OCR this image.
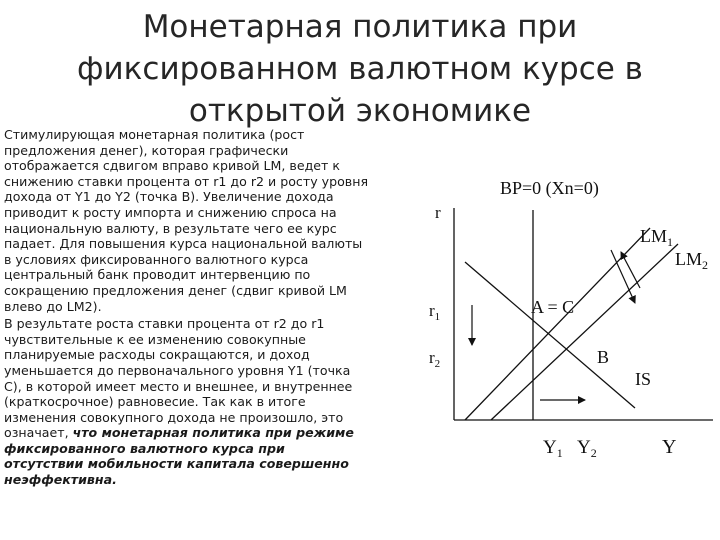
Монетарная политика при
фиксированном валютном курсе в
открытой экономике

Стимулирующая монетарная политика (рост
предложения денег), которая графически
отображается сдвигом вправо кривой LM, ведет к
снижению ставки процента от r1 до r2 и росту уровня
дохода от Y1 до Y2 (точка B). Увеличение дохода
приводит к росту импорта и снижению спроса на
национальную валюту, в результате чего ее курс
падает. Для повышения курса национальной валюты
в условиях фиксированного валютного курса
центральный банк проводит интервенцию по
сокращению предложения денег (сдвиг кривой LM
влево до LM2).

В результате роста ставки процента от r2 до r1
чувствительные к ее изменению совокупные
планируемые расходы сокращаются, и доход
уменьшается до первоначального уровня Y1 (точка
С), в которой имеет место и внешнее, и внутреннее
(краткосрочное) равновесие. Так как в итоге
изменения совокупного дохода не произошло, это
означает, что монетарная политика при режиме
фиксированного валютного курса при
отсутствии мобильности капитала совершенно
неэффективна.

r
Y
BP=0 (Xn=0)
$LM_1$
$LM_2$
IS
A = C
B
$r_1$
$r_2$
$Y_1$ $Y_2$
